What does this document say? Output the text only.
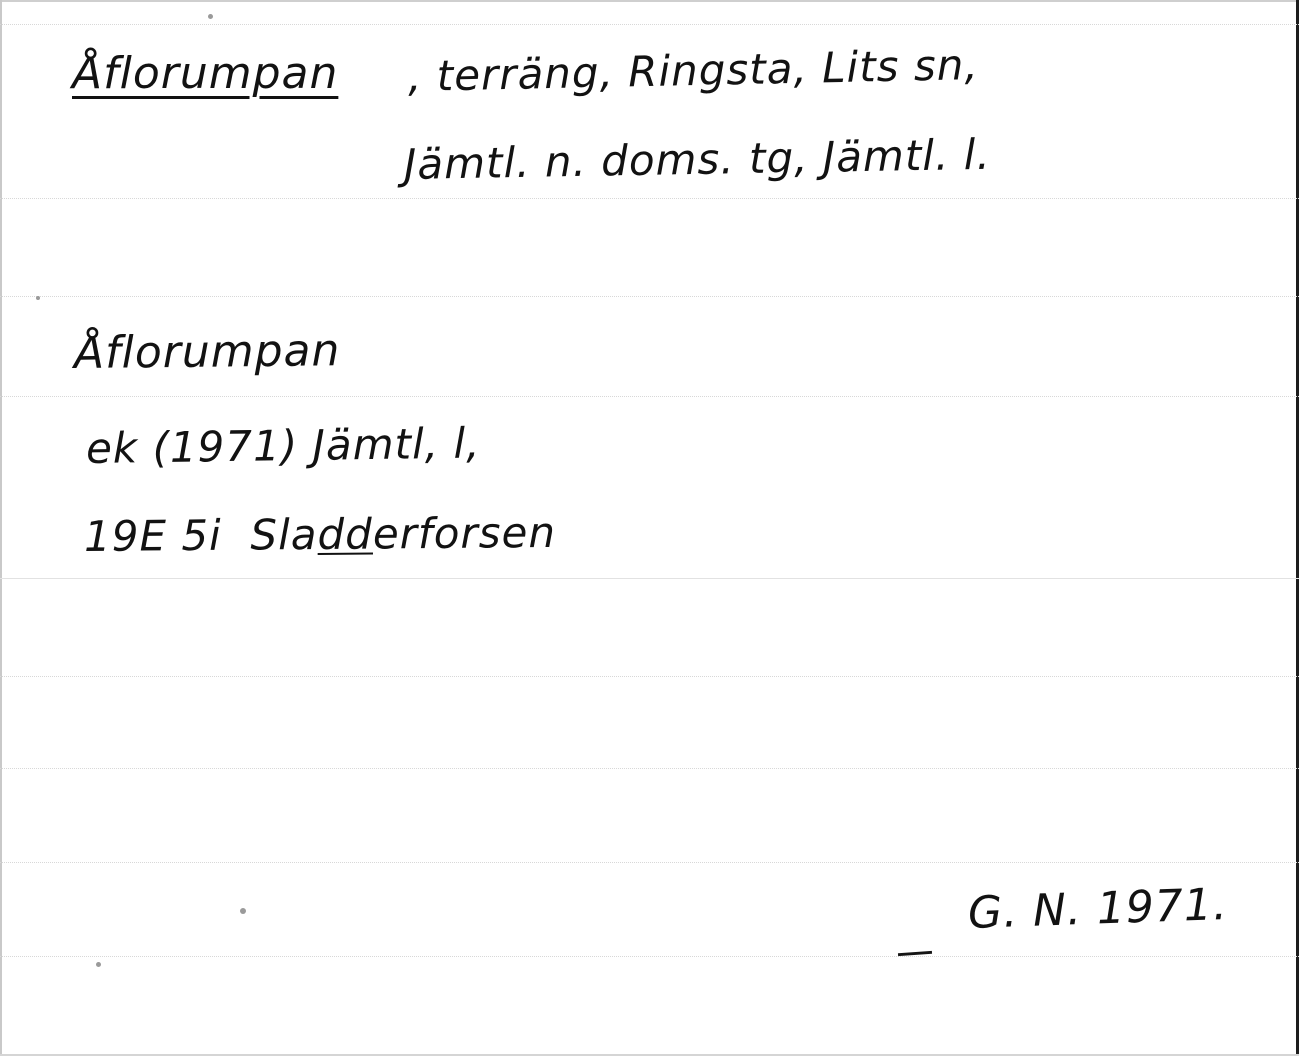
Åflorumpan , terräng, Ringsta, Lits sn,
Jämtl. n. doms. tg, Jämtl. l.
Åflorumpan
ek (1971) Jämtl, l,
19E 5i  Sladderforsen
G. N. 1971.
